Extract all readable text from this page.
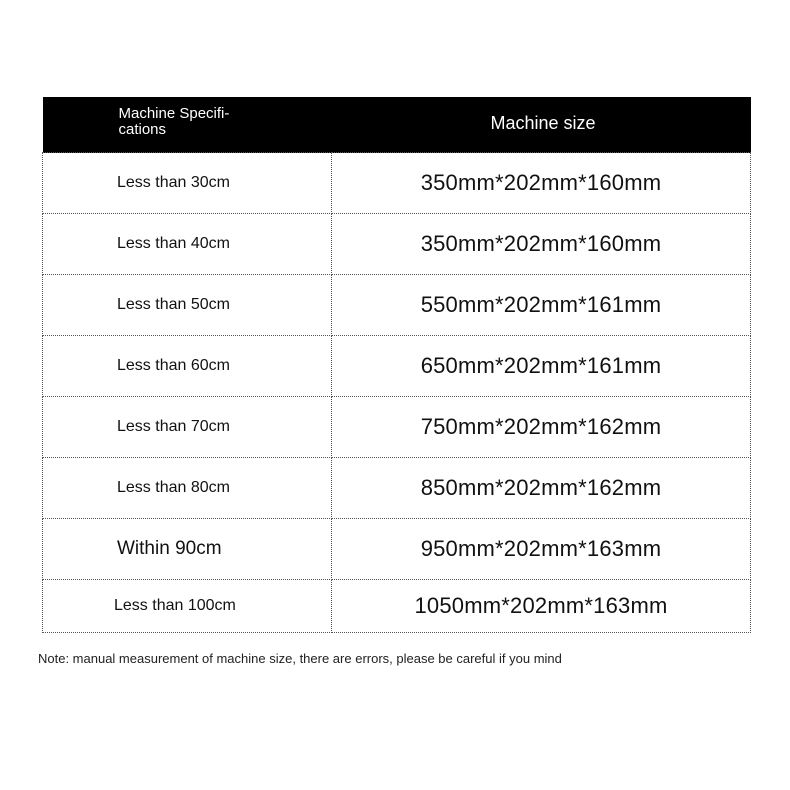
Machine Specifi-
cations	Machine size
Less than 30cm	350mm*202mm*160mm
Less than 40cm	350mm*202mm*160mm
Less than 50cm	550mm*202mm*161mm
Less than 60cm	650mm*202mm*161mm
Less than 70cm	750mm*202mm*162mm
Less than 80cm	850mm*202mm*162mm
Within 90cm	950mm*202mm*163mm
Less than 100cm	1050mm*202mm*163mm
Note: manual measurement of machine size, there are errors, please be careful if you mind
